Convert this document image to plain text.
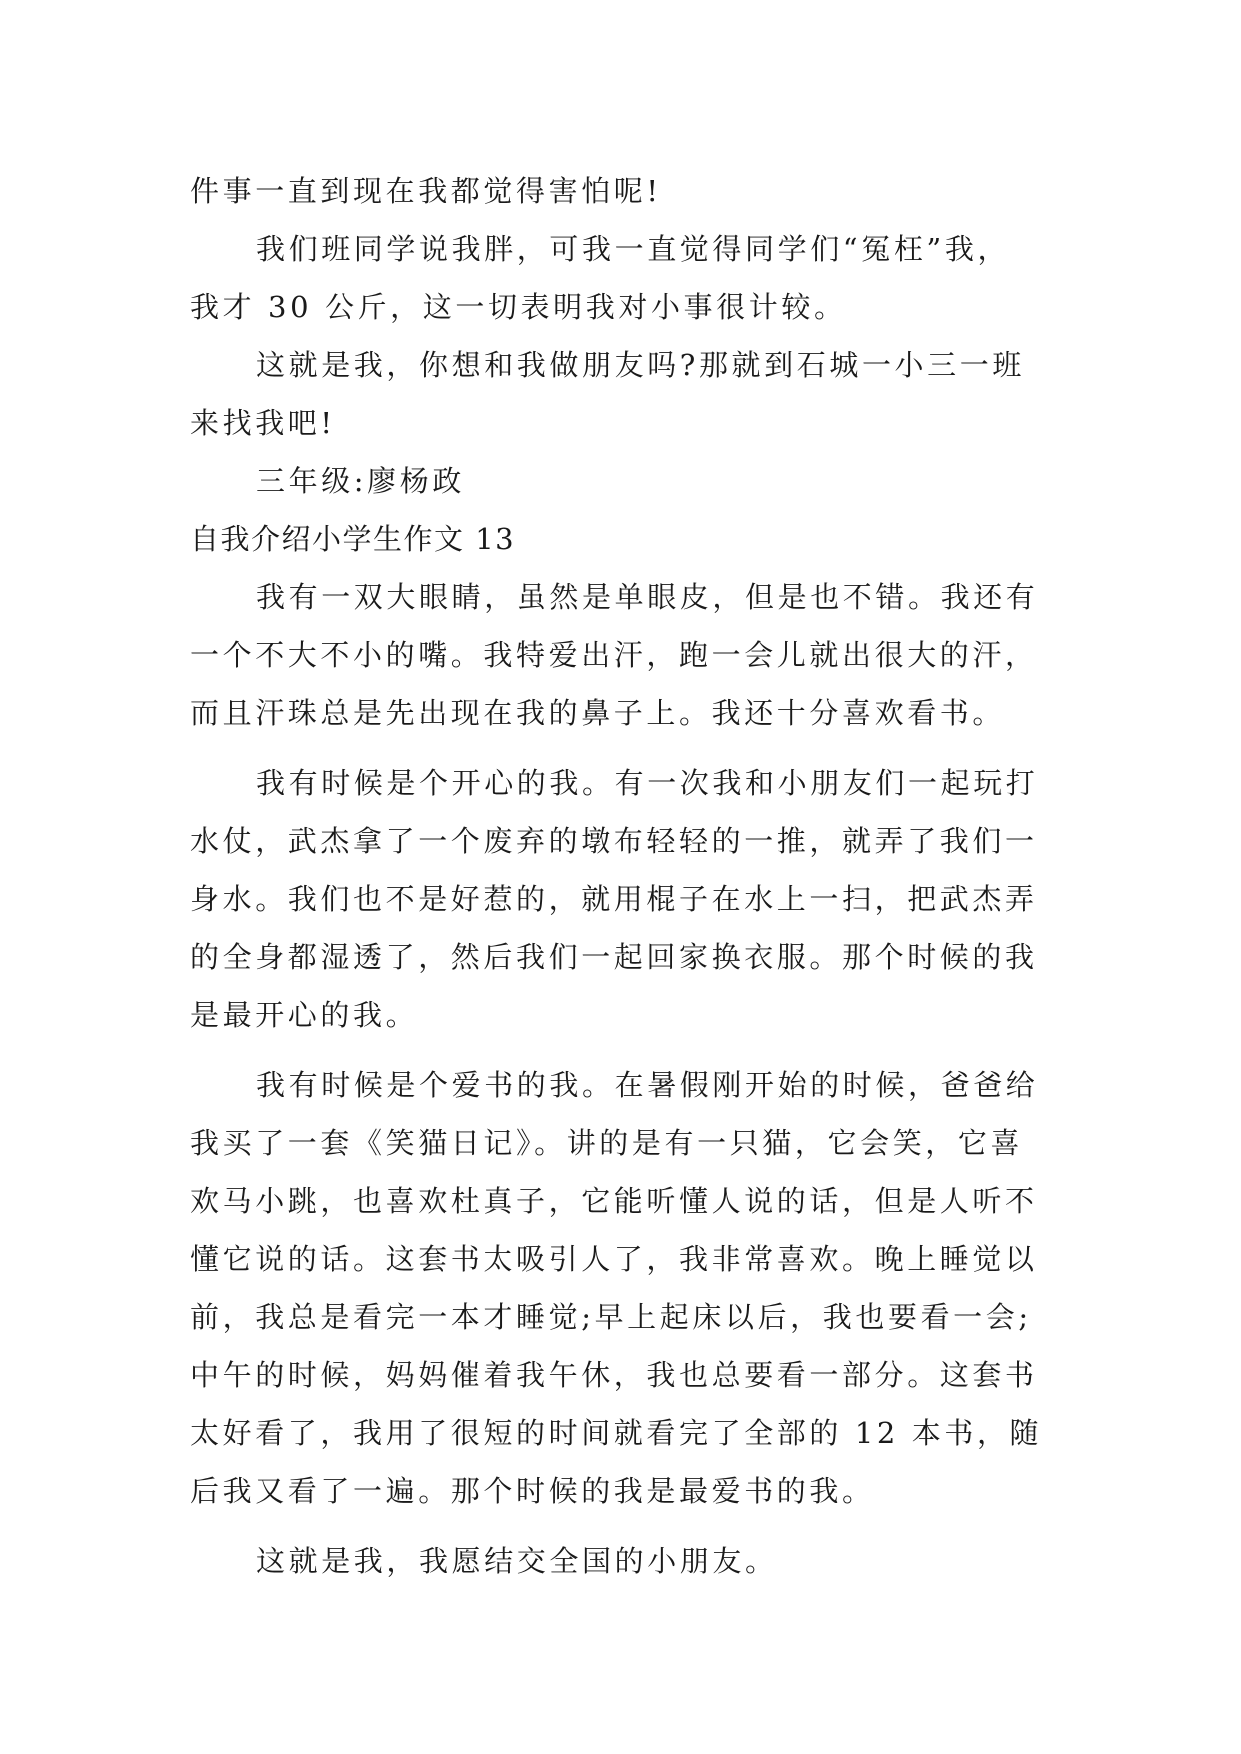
件事一直到现在我都觉得害怕呢!
我们班同学说我胖，可我一直觉得同学们“冤枉”我，
我才 30 公斤，这一切表明我对小事很计较。
这就是我，你想和我做朋友吗?那就到石城一小三一班
来找我吧!
三年级:廖杨政
自我介绍小学生作文 13
我有一双大眼睛，虽然是单眼皮，但是也不错。我还有
一个不大不小的嘴。我特爱出汗，跑一会儿就出很大的汗，
而且汗珠总是先出现在我的鼻子上。我还十分喜欢看书。
我有时候是个开心的我。有一次我和小朋友们一起玩打
水仗，武杰拿了一个废弃的墩布轻轻的一推，就弄了我们一
身水。我们也不是好惹的，就用棍子在水上一扫，把武杰弄
的全身都湿透了，然后我们一起回家换衣服。那个时候的我
是最开心的我。
我有时候是个爱书的我。在暑假刚开始的时候，爸爸给
我买了一套《笑猫日记》。讲的是有一只猫，它会笑，它喜
欢马小跳，也喜欢杜真子，它能听懂人说的话，但是人听不
懂它说的话。这套书太吸引人了，我非常喜欢。晚上睡觉以
前，我总是看完一本才睡觉;早上起床以后，我也要看一会;
中午的时候，妈妈催着我午休，我也总要看一部分。这套书
太好看了，我用了很短的时间就看完了全部的 12 本书，随
后我又看了一遍。那个时候的我是最爱书的我。
这就是我，我愿结交全国的小朋友。
